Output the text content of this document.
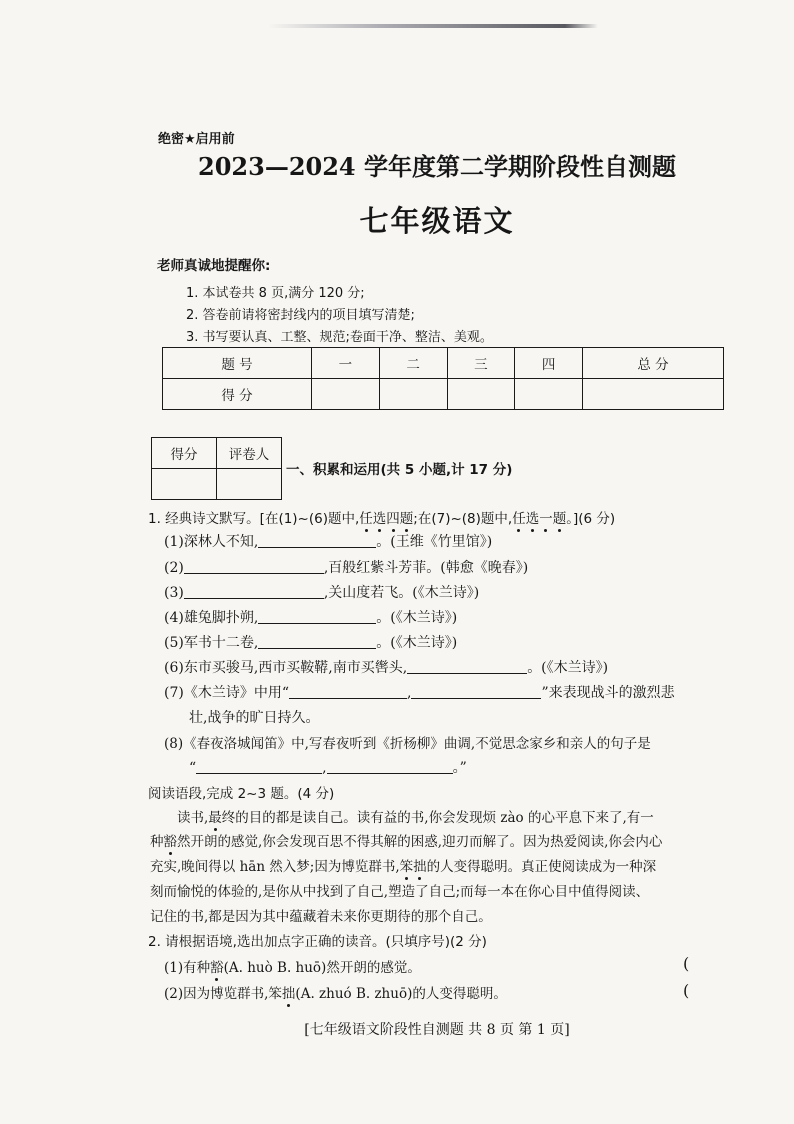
绝密★启用前
2023—2024 学年度第二学期阶段性自测题
七年级语文
老师真诚地提醒你:
1. 本试卷共 8 页,满分 120 分;
2. 答卷前请将密封线内的项目填写清楚;
3. 书写要认真、工整、规范;卷面干净、整洁、美观。
题 号	一	二	三	四	总 分
得 分					
得分	评卷人

一、积累和运用(共 5 小题,计 17 分)
1. 经典诗文默写。[在(1)~(6)题中,任选四题;在(7)~(8)题中,任选一题。](6 分)
(1)深林人不知,	。(王维《竹里馆》)
(2)	,百般红紫斗芳菲。(韩愈《晚春》)
(3)	,关山度若飞。(《木兰诗》)
(4)雄兔脚扑朔,	。(《木兰诗》)
(5)军书十二卷,	。(《木兰诗》)
(6)东市买骏马,西市买鞍鞯,南市买辔头,	。(《木兰诗》)
(7)《木兰诗》中用“	,	”来表现战斗的激烈悲
壮,战争的旷日持久。
(8)《春夜洛城闻笛》中,写春夜听到《折杨柳》曲调,不觉思念家乡和亲人的句子是
“	,	。”
阅读语段,完成 2~3 题。(4 分)
读书,最终的目的都是读自己。读有益的书,你会发现烦 zào 的心平息下来了,有一
种豁然开朗的感觉,你会发现百思不得其解的困惑,迎刃而解了。因为热爱阅读,你会内心
充实,晚间得以 hān 然入梦;因为博览群书,笨拙的人变得聪明。真正使阅读成为一种深
刻而愉悦的体验的,是你从中找到了自己,塑造了自己;而每一本在你心目中值得阅读、
记住的书,都是因为其中蕴藏着未来你更期待的那个自己。
2. 请根据语境,选出加点字正确的读音。(只填序号)(2 分)
(1)有种豁(A. huò B. huō)然开朗的感觉。	(
(2)因为博览群书,笨拙(A. zhuó B. zhuō)的人变得聪明。	(
[七年级语文阶段性自测题 共 8 页 第 1 页]
